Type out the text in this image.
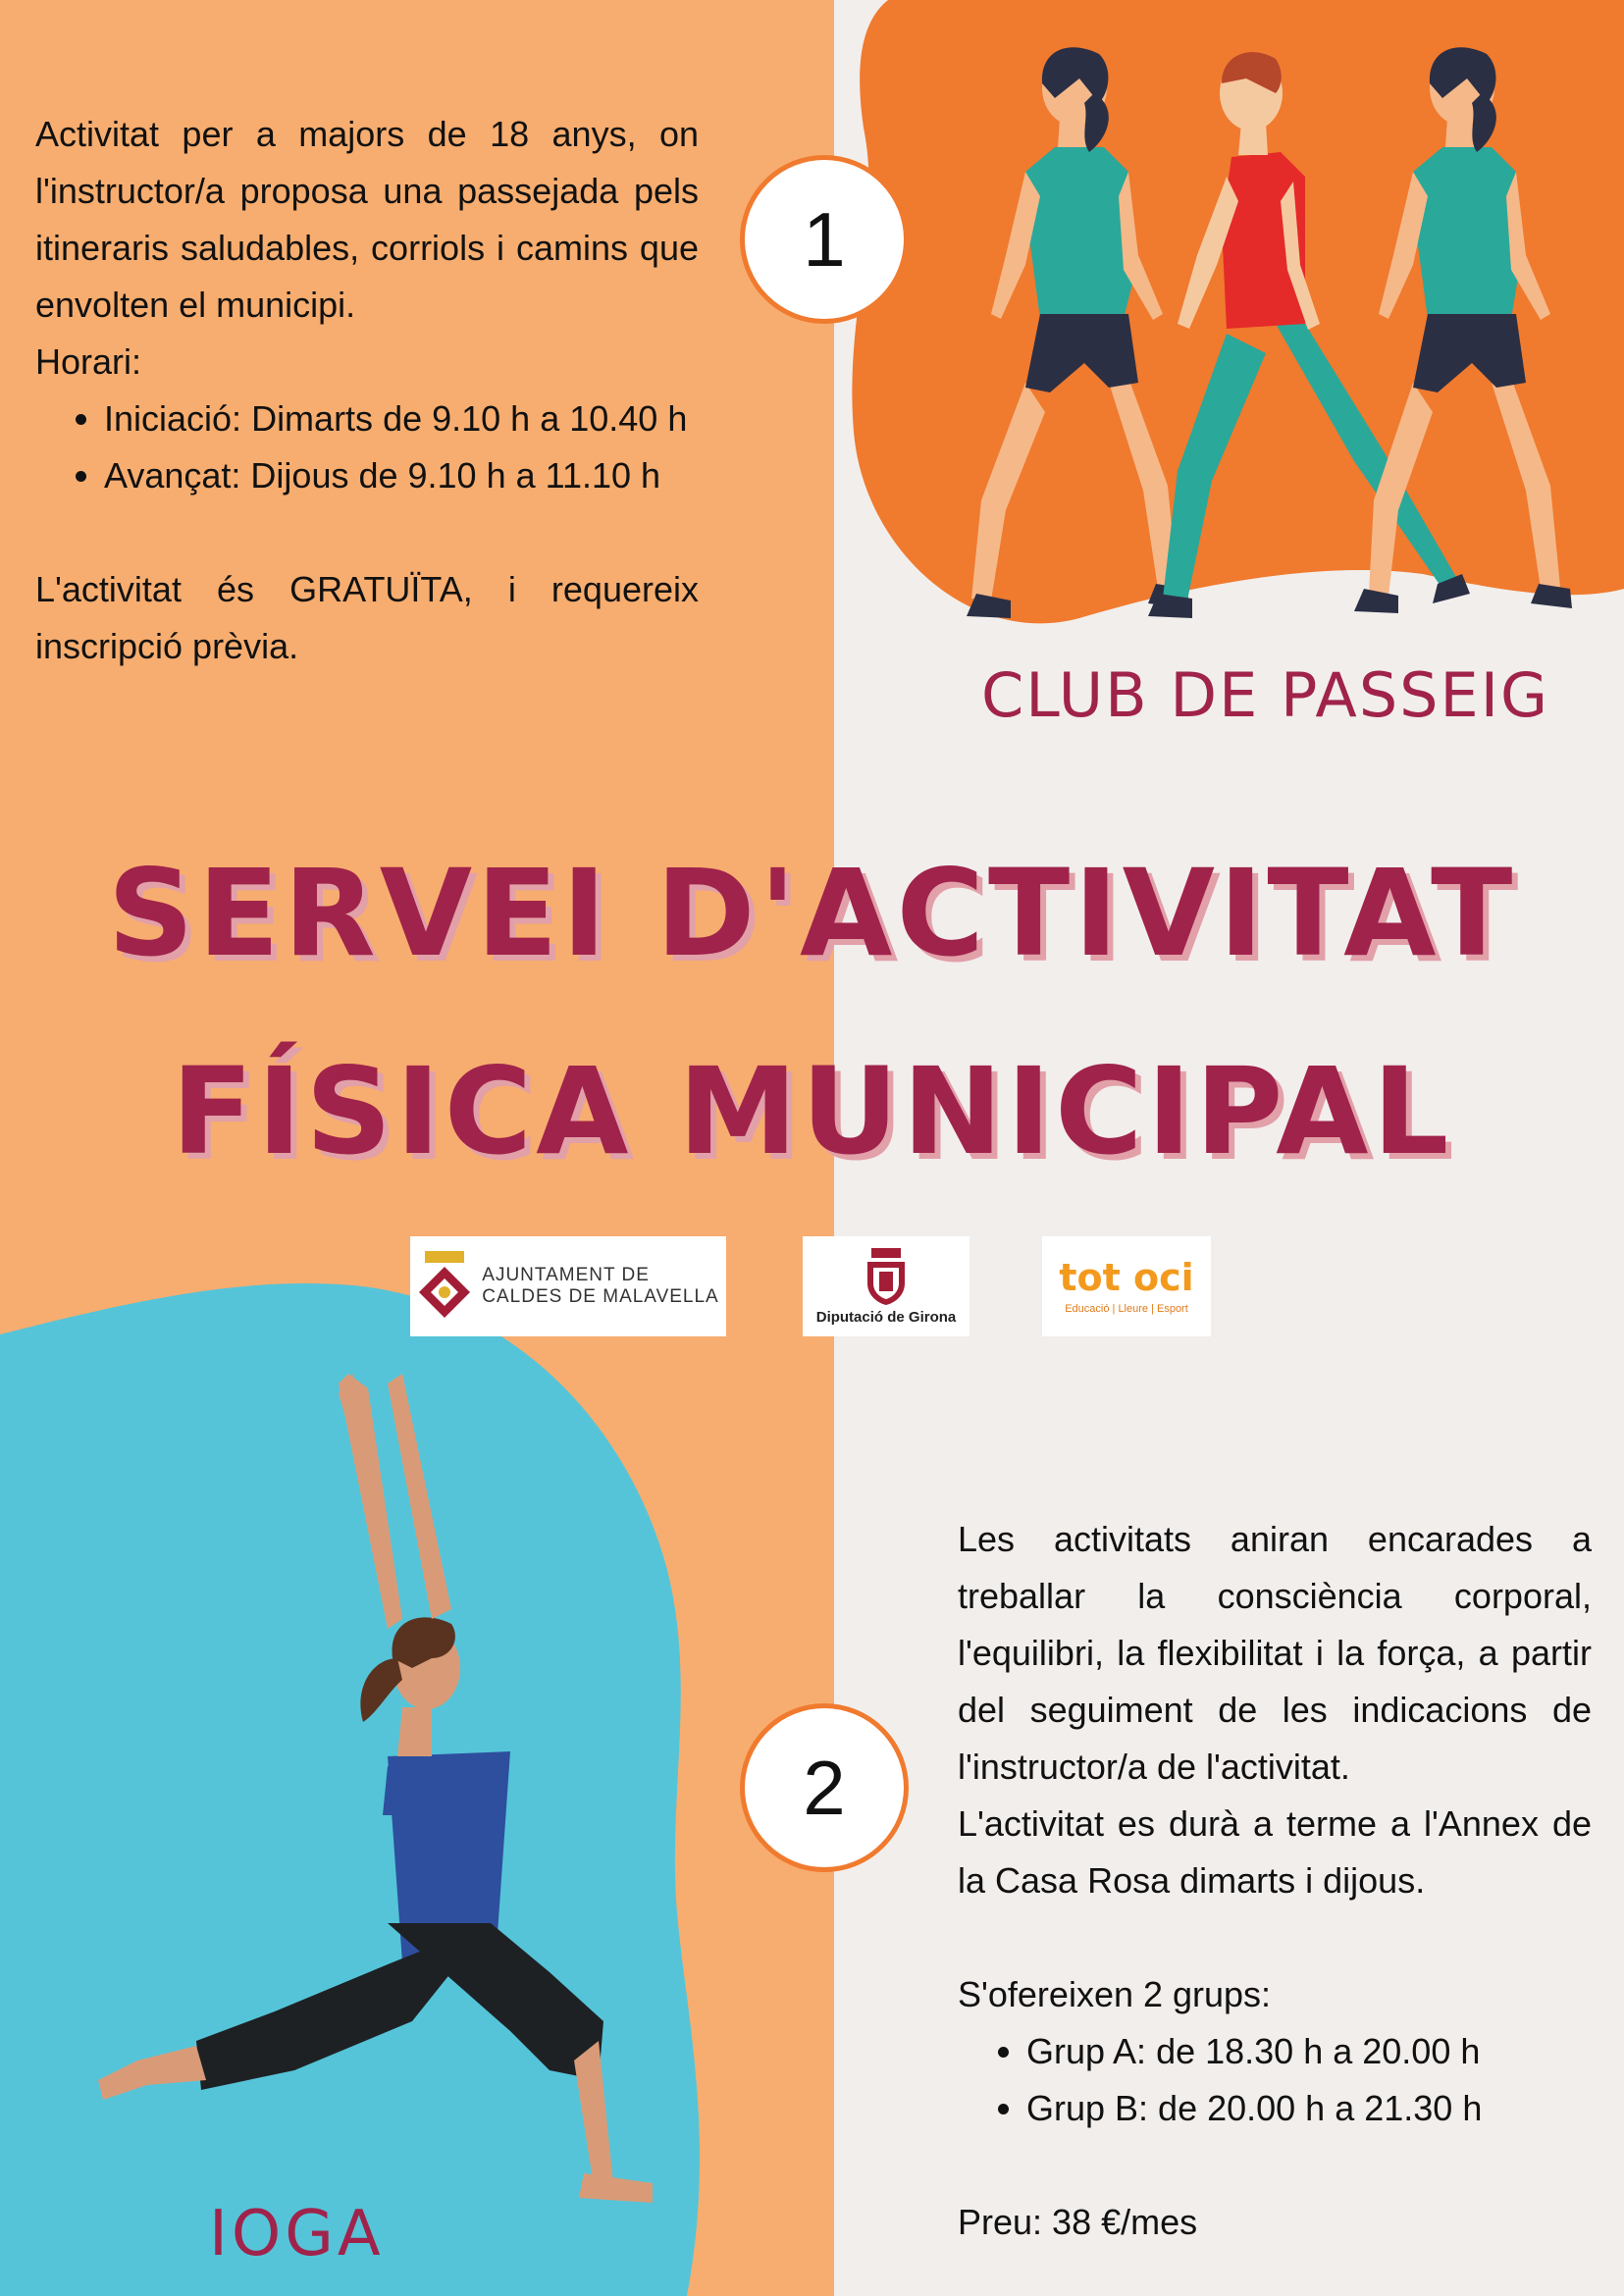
Activitat per a majors de 18 anys, on l'instructor/a proposa una passejada pels itineraris saludables, corriols i camins que envolten el municipi.
Horari:
• Iniciació: Dimarts de 9.10 h a 10.40 h
• Avançat: Dijous de 9.10 h a 11.10 h
L'activitat és GRATUÏTA, i requereix inscripció prèvia.
1

CLUB DE PASSEIG

SERVEI D'ACTIVITAT

FÍSICA MUNICIPAL

AJUNTAMENT DE
CALDES DE MALAVELLA
Diputació de Girona
tot oci
Educació | Lleure | Esport
2
Les activitats aniran encarades a treballar la consciència corporal, l'equilibri, la flexibilitat i la força, a partir del seguiment de les indicacions de l'instructor/a de l'activitat.
L'activitat es durà a terme a l'Annex de la Casa Rosa dimarts i dijous.
S'ofereixen 2 grups:
• Grup A: de 18.30 h a 20.00 h
• Grup B: de 20.00 h a 21.30 h
Preu: 38 €/mes

IOGA
